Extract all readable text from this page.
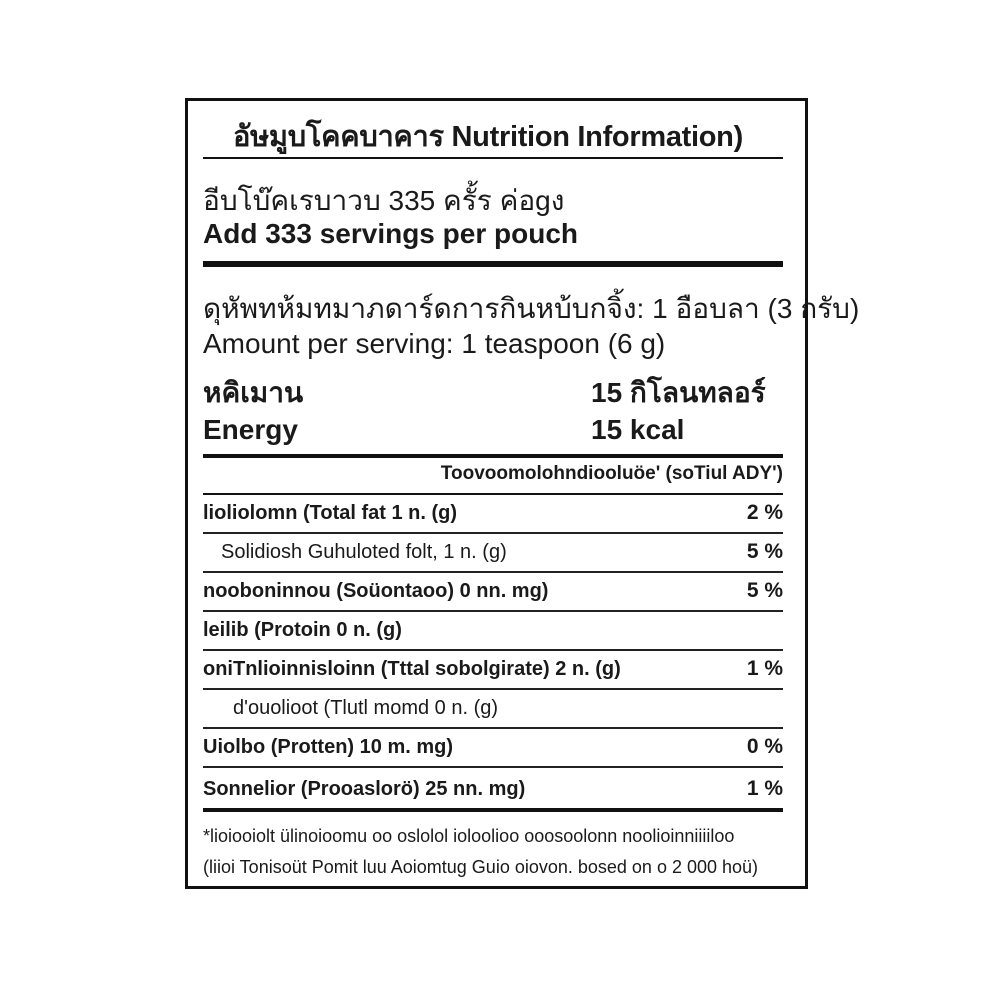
อัษมูบโคคบาคาร Nutrition Information)
อีบโบ๊คเรบาวบ 335 ครั้ร ค่อgง
Add 333 servings per pouch
ดุหัพทห้มทมาภดาร์ดการกินหบ้บกจิ้ง: 1 อือบลา (3 กรับ)
Amount per serving: 1 teaspoon (6 g)
หคิเมาน	15 กิโลนทลอร์
Energy	15 kcal
Toovoomolohndiooluöe' (soTiul ADY')
lioliolomn (Total fat 1 n. (g)	2 %
Solidiosh Guhuloted folt, 1 n. (g)	5 %
nooboninnou (Soüontaoo) 0 nn. mg)	5 %
leilib (Protoin 0 n. (g)
oniTnlioinnisloinn (Tttal sobolgirate) 2 n. (g)	1 %
d'ouolioot (Tlutl momd 0 n. (g)
Uiolbo (Protten) 10 m. mg)	0 %
Sonnelior (Prooaslorö) 25 nn. mg)	1 %
*lioiooiolt ülinoioomu oo oslolol ioloolioo ooosoolonn noolioinniiiiloo
(liioi Tonisoüt Pomit luu Aoiomtug Guio oiovon. bosed on o 2 000 hoü)
